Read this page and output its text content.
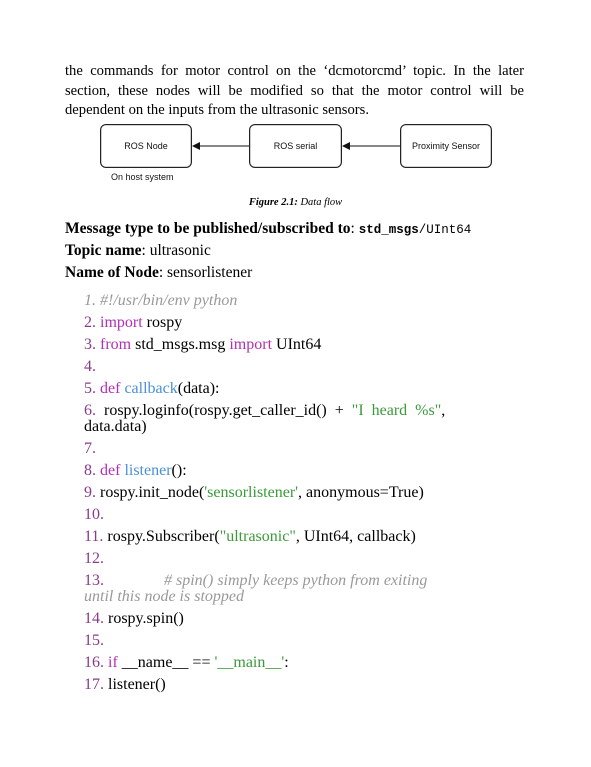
the commands for motor control on the ‘dcmotorcmd’ topic. In the later
section, these nodes will be modified so that the motor control will be
dependent on the inputs from the ultrasonic sensors.
ROS Node	ROS serial	Proximity Sensor
On host system
Figure 2.1: Data flow
Message type to be published/subscribed to: std_msgs/UInt64
Topic name: ultrasonic
Name of Node: sensorlistener
1. #!/usr/bin/env python
2. import rospy
3. from std_msgs.msg import UInt64
4.
5. def callback(data):
6.  rospy.loginfo(rospy.get_caller_id()  +  "I  heard  %s",
data.data)
7.
8. def listener():
9. rospy.init_node('sensorlistener', anonymous=True)
10.
11. rospy.Subscriber("ultrasonic", UInt64, callback)
12.
13.               # spin() simply keeps python from exiting
until this node is stopped
14. rospy.spin()
15.
16. if __name__ == '__main__':
17. listener()
